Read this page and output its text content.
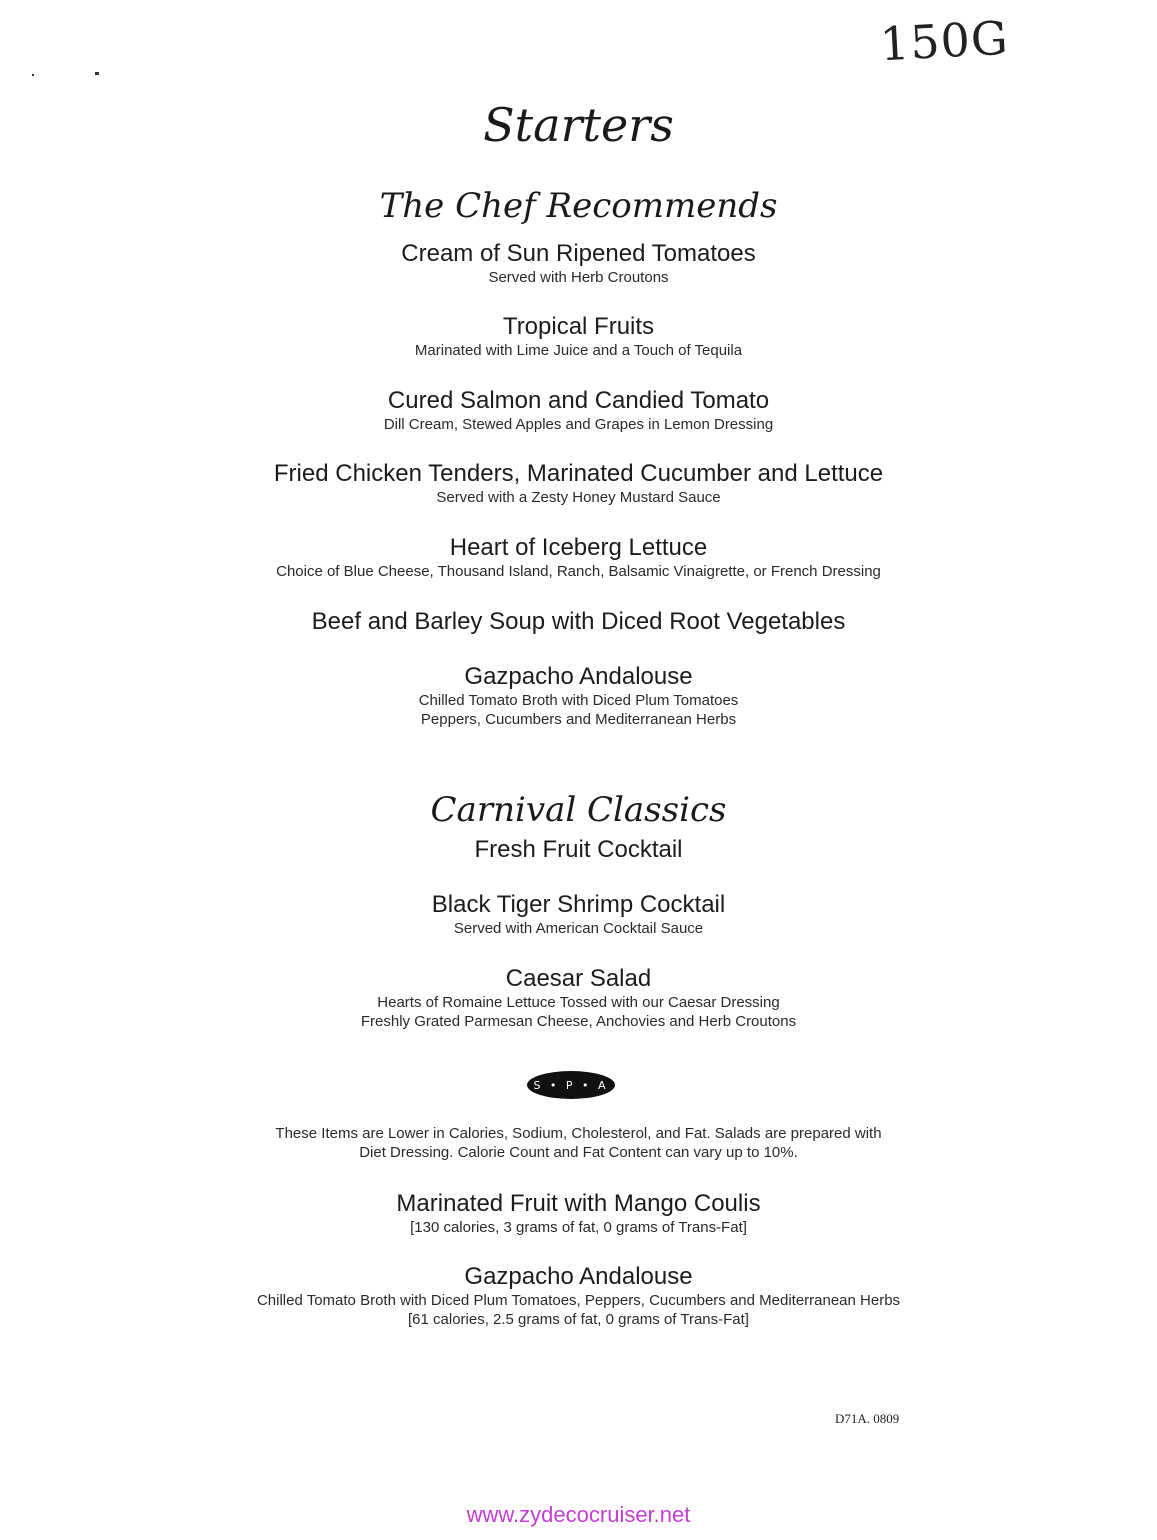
150G
Starters
The Chef Recommends
Cream of Sun Ripened Tomatoes
Served with Herb Croutons
Tropical Fruits
Marinated with Lime Juice and a Touch of Tequila
Cured Salmon and Candied Tomato
Dill Cream, Stewed Apples and Grapes in Lemon Dressing
Fried Chicken Tenders, Marinated Cucumber and Lettuce
Served with a Zesty Honey Mustard Sauce
Heart of Iceberg Lettuce
Choice of Blue Cheese, Thousand Island, Ranch, Balsamic Vinaigrette, or French Dressing
Beef and Barley Soup with Diced Root Vegetables
Gazpacho Andalouse
Chilled Tomato Broth with Diced Plum Tomatoes
Peppers, Cucumbers and Mediterranean Herbs
Carnival Classics
Fresh Fruit Cocktail
Black Tiger Shrimp Cocktail
Served with American Cocktail Sauce
Caesar Salad
Hearts of Romaine Lettuce Tossed with our Caesar Dressing
Freshly Grated Parmesan Cheese, Anchovies and Herb Croutons
S • P • A
These Items are Lower in Calories, Sodium, Cholesterol, and Fat. Salads are prepared with
Diet Dressing. Calorie Count and Fat Content can vary up to 10%.
Marinated Fruit with Mango Coulis
[130 calories, 3 grams of fat, 0 grams of Trans-Fat]
Gazpacho Andalouse
Chilled Tomato Broth with Diced Plum Tomatoes, Peppers, Cucumbers and Mediterranean Herbs
[61 calories, 2.5 grams of fat, 0 grams of Trans-Fat]
D71A. 0809
www.zydecocruiser.net
